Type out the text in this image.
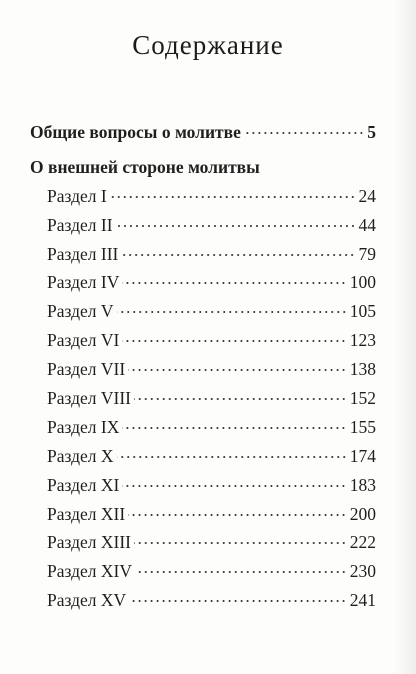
Содержание
Общие вопросы о молитве	5
О внешней стороне молитвы
Раздел I	24
Раздел II	44
Раздел III	79
Раздел IV	100
Раздел V	105
Раздел VI	123
Раздел VII	138
Раздел VIII	152
Раздел IX	155
Раздел X	174
Раздел XI	183
Раздел XII	200
Раздел XIII	222
Раздел XIV	230
Раздел XV	241
